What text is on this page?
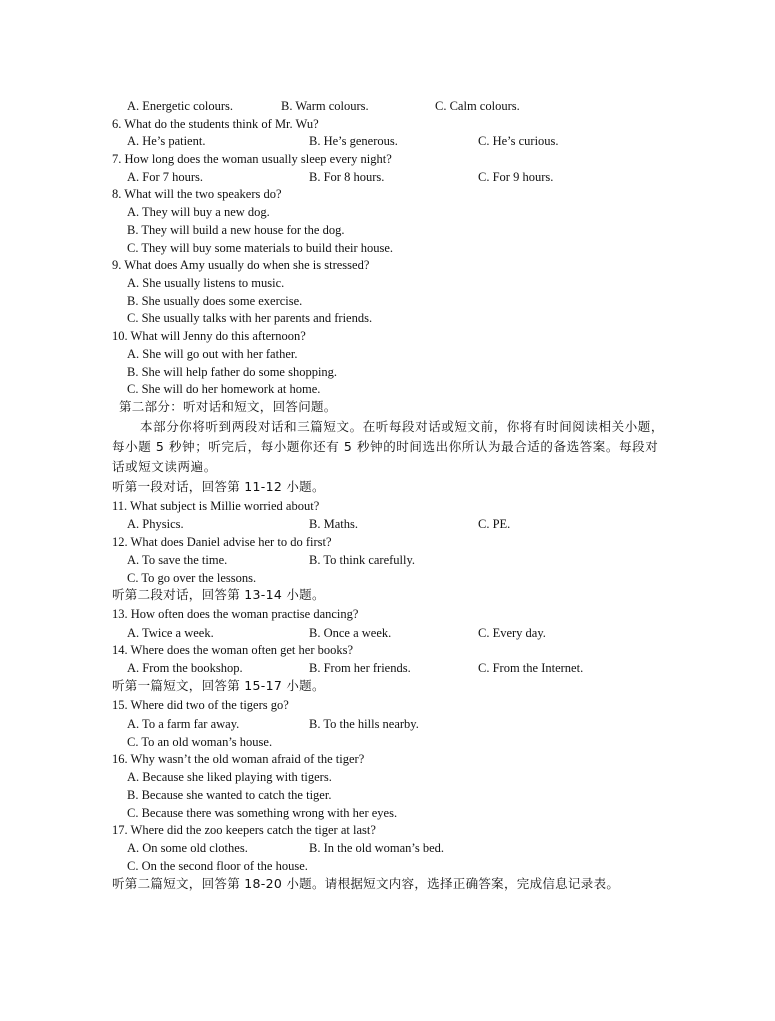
A. Energetic colours.	B. Warm colours.	C. Calm colours.
6. What do the students think of Mr. Wu?
A. He’s patient.	B. He’s generous.	C. He’s curious.
7. How long does the woman usually sleep every night?
A. For 7 hours.	B. For 8 hours.	C. For 9 hours.
8. What will the two speakers do?
A. They will buy a new dog.
B. They will build a new house for the dog.
C. They will buy some materials to build their house.
9. What does Amy usually do when she is stressed?
A. She usually listens to music.
B. She usually does some exercise.
C. She usually talks with her parents and friends.
10. What will Jenny do this afternoon?
A. She will go out with her father.
B. She will help father do some shopping.
C. She will do her homework at home.
第二部分：听对话和短文，回答问题。
本部分你将听到两段对话和三篇短文。在听每段对话或短文前，你将有时间阅读相关小题，每小题 5 秒钟；听完后，每小题你还有 5 秒钟的时间选出你所认为最合适的备选答案。每段对话或短文读两遍。
听第一段对话，回答第 11-12 小题。
11. What subject is Millie worried about?
A. Physics.	B. Maths.	C. PE.
12. What does Daniel advise her to do first?
A. To save the time.	B. To think carefully.
C. To go over the lessons.
听第二段对话，回答第 13-14 小题。
13. How often does the woman practise dancing?
A. Twice a week.	B. Once a week.	C. Every day.
14. Where does the woman often get her books?
A. From the bookshop.	B. From her friends.	C. From the Internet.
听第一篇短文，回答第 15-17 小题。
15. Where did two of the tigers go?
A. To a farm far away.	B. To the hills nearby.
C. To an old woman’s house.
16. Why wasn’t the old woman afraid of the tiger?
A. Because she liked playing with tigers.
B. Because she wanted to catch the tiger.
C. Because there was something wrong with her eyes.
17. Where did the zoo keepers catch the tiger at last?
A. On some old clothes.	B. In the old woman’s bed.
C. On the second floor of the house.
听第二篇短文，回答第 18-20 小题。请根据短文内容，选择正确答案，完成信息记录表。
